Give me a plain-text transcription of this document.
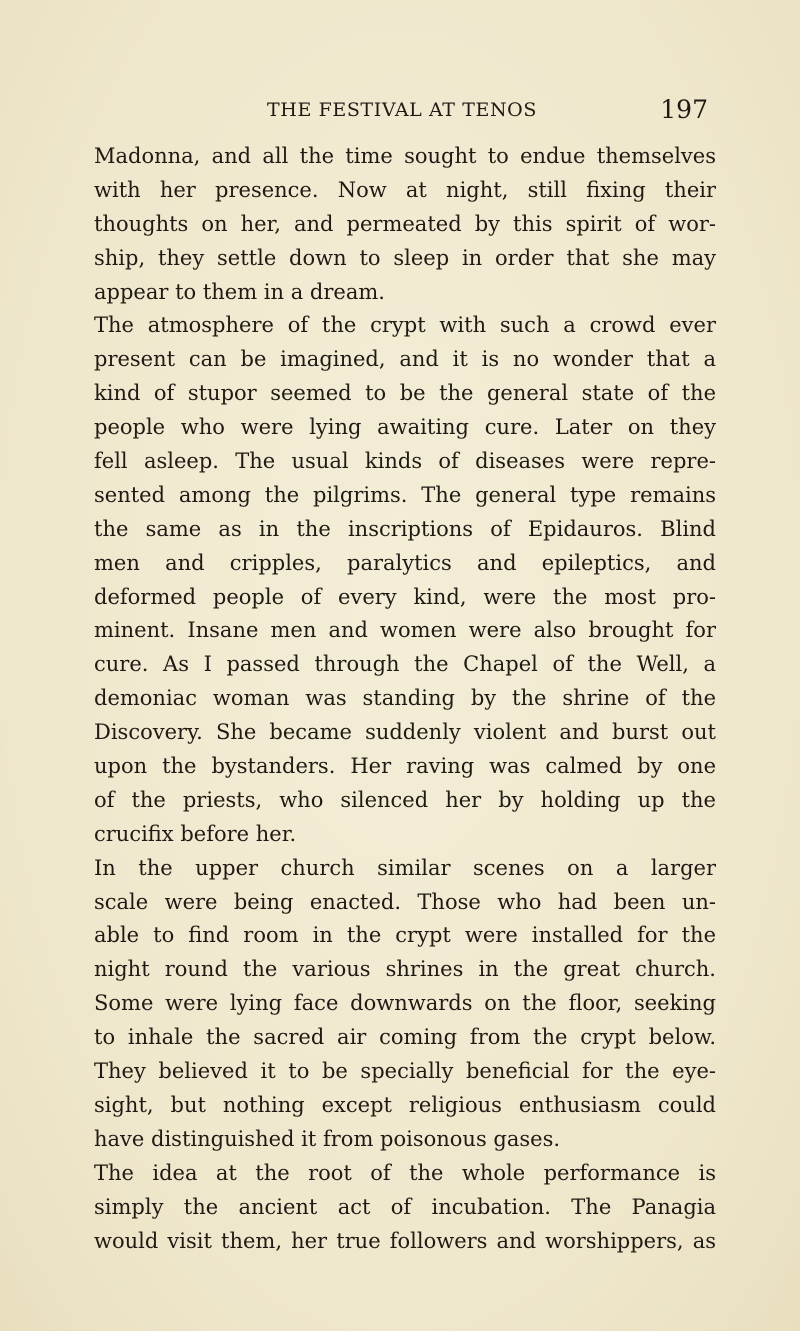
THE FESTIVAL AT TENOS	197
Madonna, and all the time sought to endue themselves
with her presence. Now at night, still fixing their
thoughts on her, and permeated by this spirit of wor-
ship, they settle down to sleep in order that she may
appear to them in a dream.
The atmosphere of the crypt with such a crowd ever
present can be imagined, and it is no wonder that a
kind of stupor seemed to be the general state of the
people who were lying awaiting cure. Later on they
fell asleep. The usual kinds of diseases were repre-
sented among the pilgrims. The general type remains
the same as in the inscriptions of Epidauros. Blind
men and cripples, paralytics and epileptics, and
deformed people of every kind, were the most pro-
minent. Insane men and women were also brought for
cure. As I passed through the Chapel of the Well, a
demoniac woman was standing by the shrine of the
Discovery. She became suddenly violent and burst out
upon the bystanders. Her raving was calmed by one
of the priests, who silenced her by holding up the
crucifix before her.
In the upper church similar scenes on a larger
scale were being enacted. Those who had been un-
able to find room in the crypt were installed for the
night round the various shrines in the great church.
Some were lying face downwards on the floor, seeking
to inhale the sacred air coming from the crypt below.
They believed it to be specially beneficial for the eye-
sight, but nothing except religious enthusiasm could
have distinguished it from poisonous gases.
The idea at the root of the whole performance is
simply the ancient act of incubation. The Panagia
would visit them, her true followers and worshippers, as
